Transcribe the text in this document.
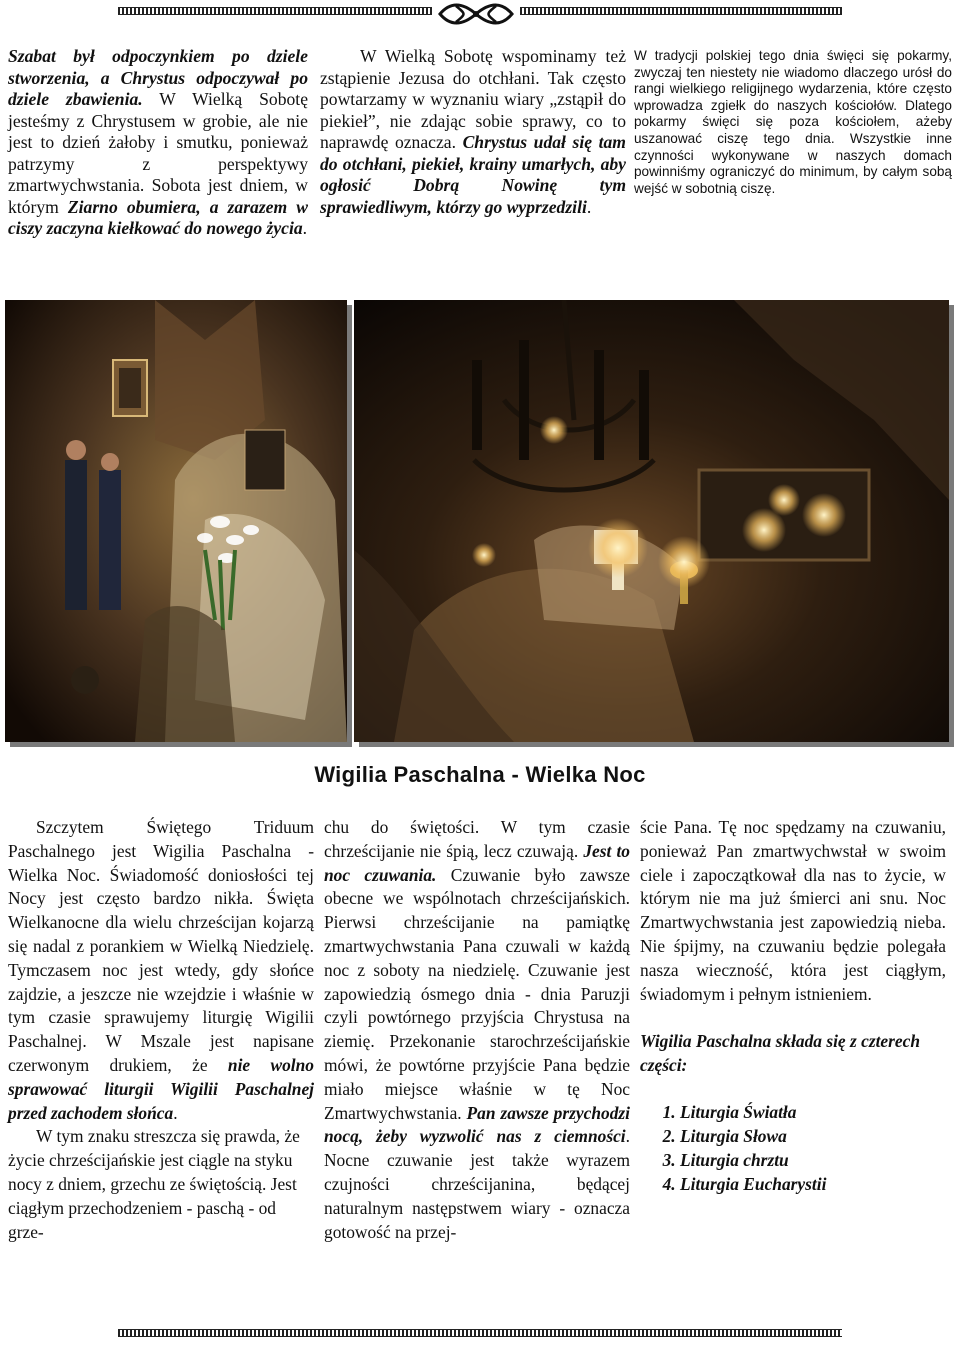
Szabat był odpoczynkiem po dziele stworzenia, a Chrystus odpoczywał po dziele zbawienia. W Wielką Sobotę jesteśmy z Chrystusem w grobie, ale nie jest to dzień żałoby i smutku, ponieważ patrzymy z perspektywy zmartwychwstania. Sobota jest dniem, w którym Ziarno obumiera, a zarazem w ciszy zaczyna kiełkować do nowego życia.

W Wielką Sobotę wspominamy też zstąpienie Jezusa do otchłani. Tak często powtarzamy w wyznaniu wiary „zstąpił do piekieł”, nie zdając sobie sprawy, co to naprawdę oznacza. Chrystus udał się tam do otchłani, piekieł, krainy umarłych, aby ogłosić Dobrą Nowinę tym sprawiedliwym, którzy go wyprzedzili.

W tradycji polskiej tego dnia święci się pokarmy, zwyczaj ten niestety nie wiadomo dlaczego urósł do rangi wielkiego religijnego wydarzenia, które często wprowadza zgiełk do naszych kościołów. Dlatego pokarmy święci się poza kościołem, ażeby uszanować ciszę tego dnia. Wszystkie inne czynności wykonywane w naszych domach powinniśmy ograniczyć do minimum, by całym sobą wejść w sobotnią ciszę.

Wigilia Paschalna - Wielka Noc

Szczytem Świętego Triduum Paschalnego jest Wigilia Paschalna - Wielka Noc. Świadomość doniosłości tej Nocy jest często bardzo nikła. Święta Wielkanocne dla wielu chrześcijan kojarzą się nadal z porankiem w Wielką Niedzielę. Tymczasem noc jest wtedy, gdy słońce zajdzie, a jeszcze nie wzejdzie i właśnie w tym czasie sprawujemy liturgię Wigilii Paschalnej. W Mszale jest napisane czerwonym drukiem, że nie wolno sprawować liturgii Wigilii Paschalnej przed zachodem słońca.

W tym znaku streszcza się prawda, że życie chrześcijańskie jest ciągle na styku nocy z dniem, grzechu ze świętością. Jest ciągłym przechodzeniem - paschą - od grze-

chu do świętości. W tym czasie chrześcijanie nie śpią, lecz czuwają. Jest to noc czuwania. Czuwanie było zawsze obecne we wspólnotach chrześcijańskich. Pierwsi chrześcijanie na pamiątkę zmartwychwstania Pana czuwali w każdą noc z soboty na niedzielę. Czuwanie jest zapowiedzią ósmego dnia - dnia Paruzji czyli powtórnego przyjścia Chrystusa na ziemię. Przekonanie starochrześcijańskie mówi, że powtórne przyjście Pana będzie miało miejsce właśnie w tę Noc Zmartwychwstania. Pan zawsze przychodzi nocą, żeby wyzwolić nas z ciemności. Nocne czuwanie jest także wyrazem czujności chrześcijanina, będącej naturalnym następstwem wiary - oznacza gotowość na przej-

ście Pana. Tę noc spędzamy na czuwaniu, ponieważ Pan zmartwychwstał w swoim ciele i zapoczątkował dla nas to życie, w którym nie ma już śmierci ani snu. Noc Zmartwychwstania jest zapowiedzią nieba. Nie śpijmy, na czuwaniu będzie polegała nasza wieczność, która jest ciągłym, świadomym i pełnym istnieniem.

Wigilia Paschalna składa się z czterech części:

1. Liturgia Światła
2. Liturgia Słowa
3. Liturgia chrztu
4. Liturgia Eucharystii
